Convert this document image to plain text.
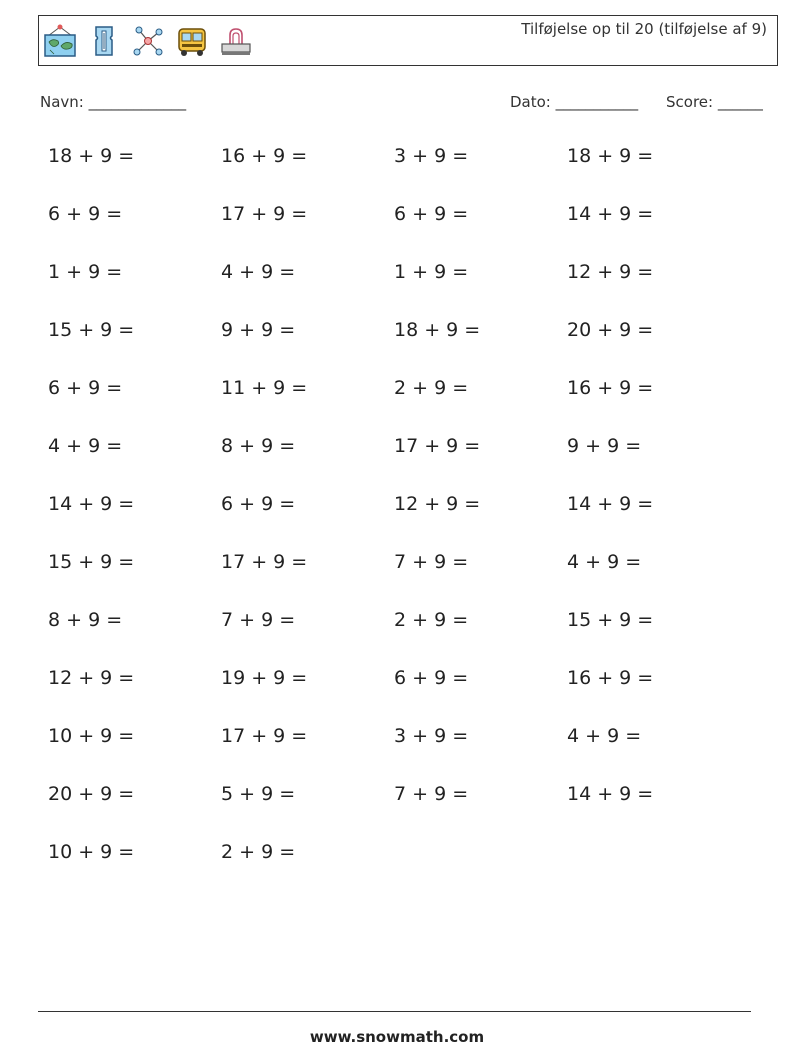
Tilføjelse op til 20 (tilføjelse af 9)
Navn: _____________	Dato: ___________ Score: ______
18 + 9 =	16 + 9 =	3 + 9 =	18 + 9 =
6 + 9 =	17 + 9 =	6 + 9 =	14 + 9 =
1 + 9 =	4 + 9 =	1 + 9 =	12 + 9 =
15 + 9 =	9 + 9 =	18 + 9 =	20 + 9 =
6 + 9 =	11 + 9 =	2 + 9 =	16 + 9 =
4 + 9 =	8 + 9 =	17 + 9 =	9 + 9 =
14 + 9 =	6 + 9 =	12 + 9 =	14 + 9 =
15 + 9 =	17 + 9 =	7 + 9 =	4 + 9 =
8 + 9 =	7 + 9 =	2 + 9 =	15 + 9 =
12 + 9 =	19 + 9 =	6 + 9 =	16 + 9 =
10 + 9 =	17 + 9 =	3 + 9 =	4 + 9 =
20 + 9 =	5 + 9 =	7 + 9 =	14 + 9 =
10 + 9 =	2 + 9 =
www.snowmath.com
